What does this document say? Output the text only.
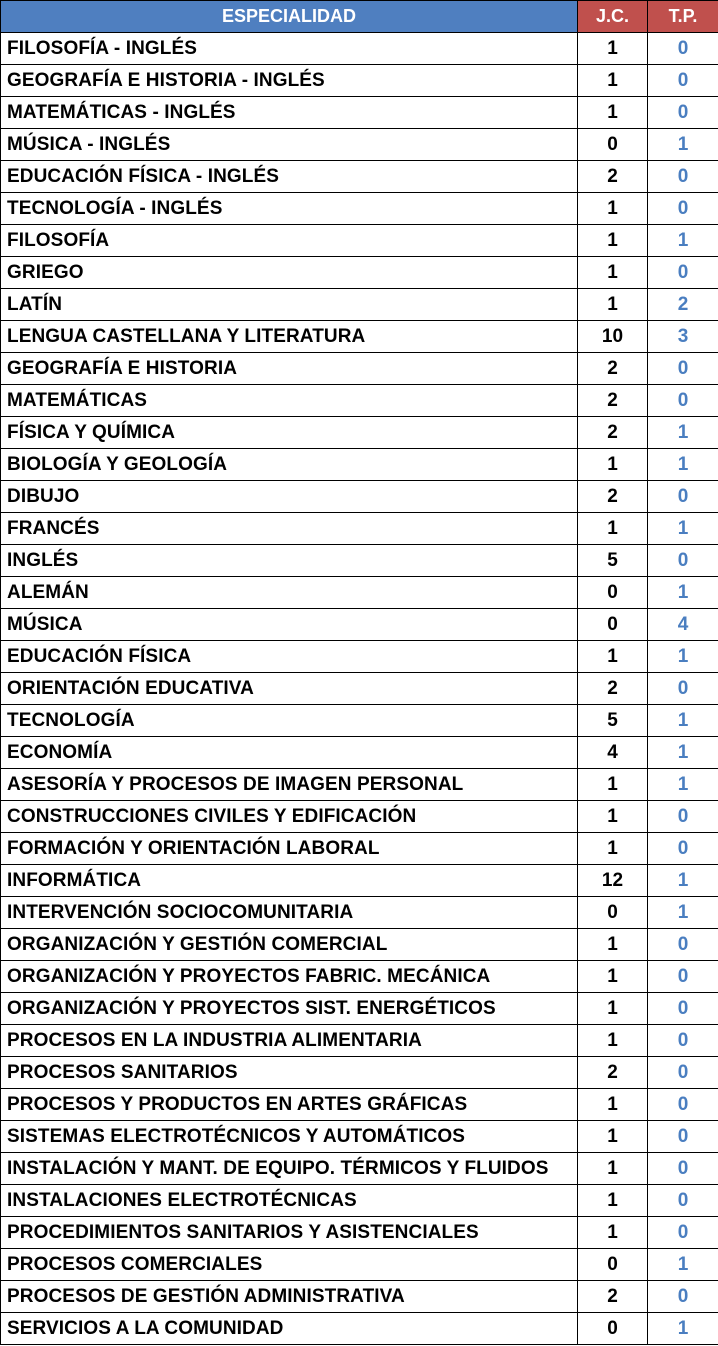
ESPECIALIDAD	J.C.	T.P.
FILOSOFÍA - INGLÉS	1	0
GEOGRAFÍA E HISTORIA - INGLÉS	1	0
MATEMÁTICAS - INGLÉS	1	0
MÚSICA - INGLÉS	0	1
EDUCACIÓN FÍSICA - INGLÉS	2	0
TECNOLOGÍA - INGLÉS	1	0
FILOSOFÍA	1	1
GRIEGO	1	0
LATÍN	1	2
LENGUA CASTELLANA Y LITERATURA	10	3
GEOGRAFÍA E HISTORIA	2	0
MATEMÁTICAS	2	0
FÍSICA Y QUÍMICA	2	1
BIOLOGÍA Y GEOLOGÍA	1	1
DIBUJO	2	0
FRANCÉS	1	1
INGLÉS	5	0
ALEMÁN	0	1
MÚSICA	0	4
EDUCACIÓN FÍSICA	1	1
ORIENTACIÓN EDUCATIVA	2	0
TECNOLOGÍA	5	1
ECONOMÍA	4	1
ASESORÍA Y PROCESOS DE IMAGEN PERSONAL	1	1
CONSTRUCCIONES CIVILES Y EDIFICACIÓN	1	0
FORMACIÓN Y ORIENTACIÓN LABORAL	1	0
INFORMÁTICA	12	1
INTERVENCIÓN SOCIOCOMUNITARIA	0	1
ORGANIZACIÓN Y GESTIÓN COMERCIAL	1	0
ORGANIZACIÓN Y PROYECTOS FABRIC. MECÁNICA	1	0
ORGANIZACIÓN Y PROYECTOS SIST. ENERGÉTICOS	1	0
PROCESOS EN LA INDUSTRIA ALIMENTARIA	1	0
PROCESOS SANITARIOS	2	0
PROCESOS Y PRODUCTOS EN ARTES GRÁFICAS	1	0
SISTEMAS ELECTROTÉCNICOS Y AUTOMÁTICOS	1	0
INSTALACIÓN Y MANT. DE EQUIPO. TÉRMICOS Y FLUIDOS	1	0
INSTALACIONES ELECTROTÉCNICAS	1	0
PROCEDIMIENTOS SANITARIOS Y ASISTENCIALES	1	0
PROCESOS COMERCIALES	0	1
PROCESOS DE GESTIÓN ADMINISTRATIVA	2	0
SERVICIOS A LA COMUNIDAD	0	1
